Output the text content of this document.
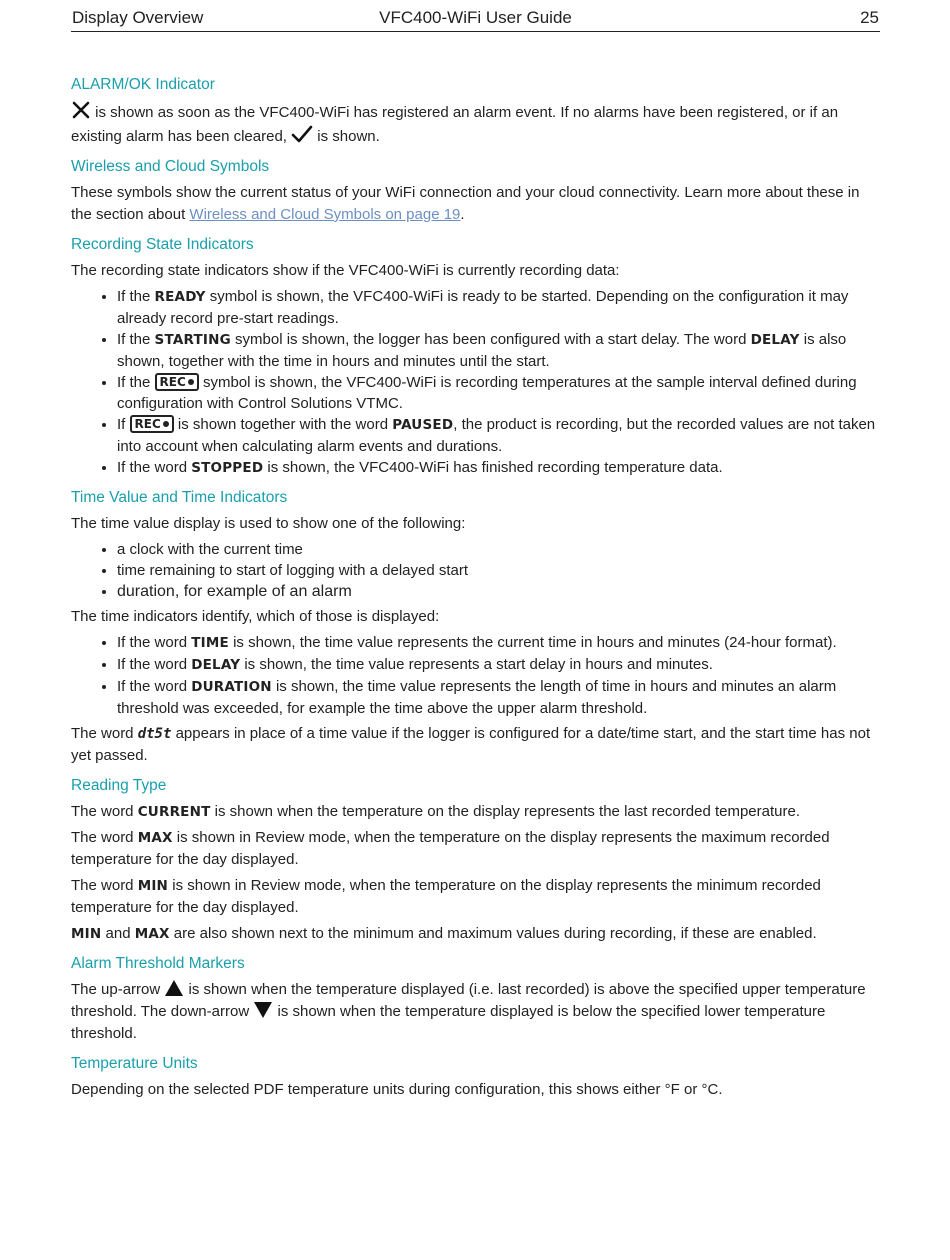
Display Overview	VFC400-WiFi User Guide	25
ALARM/OK Indicator

is shown as soon as the VFC400-WiFi has registered an alarm event. If no alarms have been registered, or if an existing alarm has been cleared,  is shown.

Wireless and Cloud Symbols

These symbols show the current status of your WiFi connection and your cloud connectivity. Learn more about these in the section about Wireless and Cloud Symbols on page 19.

Recording State Indicators

The recording state indicators show if the VFC400-WiFi is currently recording data:

• If the READY symbol is shown, the VFC400-WiFi is ready to be started. Depending on the configuration it may already record pre-start readings.
• If the STARTING symbol is shown, the logger has been configured with a start delay. The word DELAY is also shown, together with the time in hours and minutes until the start.
• If the REC symbol is shown, the VFC400-WiFi is recording temperatures at the sample interval defined during configuration with Control Solutions VTMC.
• If REC is shown together with the word PAUSED, the product is recording, but the recorded values are not taken into account when calculating alarm events and durations.
• If the word STOPPED is shown, the VFC400-WiFi has finished recording temperature data.
Time Value and Time Indicators

The time value display is used to show one of the following:

• a clock with the current time
• time remaining to start of logging with a delayed start
• duration, for example of an alarm

The time indicators identify, which of those is displayed:

• If the word TIME is shown, the time value represents the current time in hours and minutes (24-hour format).
• If the word DELAY is shown, the time value represents a start delay in hours and minutes.
• If the word DURATION is shown, the time value represents the length of time in hours and minutes an alarm threshold was exceeded, for example the time above the upper alarm threshold.

The word dt5t appears in place of a time value if the logger is configured for a date/time start, and the start time has not yet passed.

Reading Type

The word CURRENT is shown when the temperature on the display represents the last recorded temperature.

The word MAX is shown in Review mode, when the temperature on the display represents the maximum recorded temperature for the day displayed.

The word MIN is shown in Review mode, when the temperature on the display represents the minimum recorded temperature for the day displayed.

MIN and MAX are also shown next to the minimum and maximum values during recording, if these are enabled.

Alarm Threshold Markers

The up-arrow  is shown when the temperature displayed (i.e. last recorded) is above the specified upper temperature threshold. The down-arrow  is shown when the temperature displayed is below the specified lower temperature threshold.

Temperature Units

Depending on the selected PDF temperature units during configuration, this shows either °F or °C.
